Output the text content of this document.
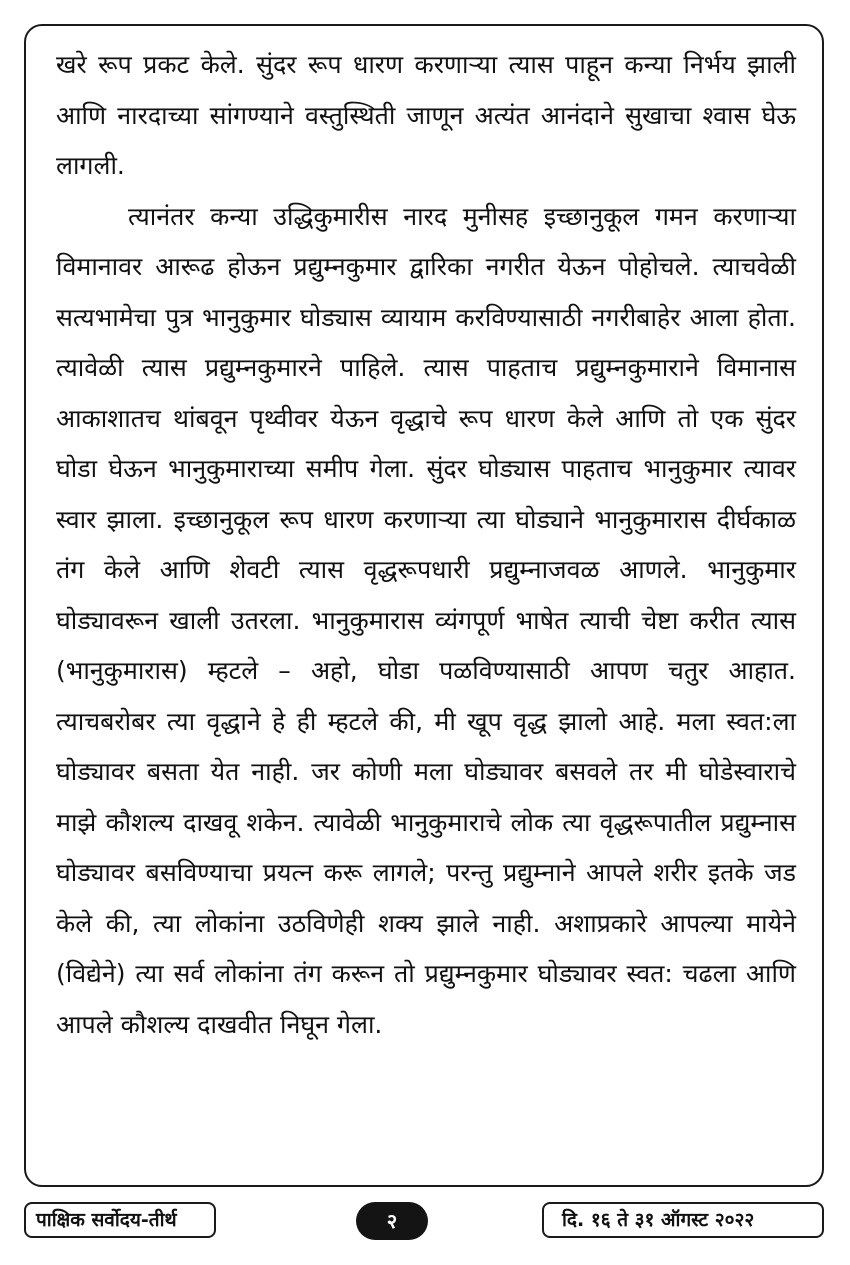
खरे रूप प्रकट केले. सुंदर रूप धारण करणाऱ्या त्यास पाहून कन्या निर्भय झाली आणि नारदाच्या सांगण्याने वस्तुस्थिती जाणून अत्यंत आनंदाने सुखाचा श्वास घेऊ लागली.

त्यानंतर कन्या उद्धिकुमारीस नारद मुनीसह इच्छानुकूल गमन करणाऱ्या विमानावर आरूढ होऊन प्रद्युम्नकुमार द्वारिका नगरीत येऊन पोहोचले. त्याचवेळी सत्यभामेचा पुत्र भानुकुमार घोड्यास व्यायाम करविण्यासाठी नगरीबाहेर आला होता. त्यावेळी त्यास प्रद्युम्नकुमारने पाहिले. त्यास पाहताच प्रद्युम्नकुमाराने विमानास आकाशातच थांबवून पृथ्वीवर येऊन वृद्धाचे रूप धारण केले आणि तो एक सुंदर घोडा घेऊन भानुकुमाराच्या समीप गेला. सुंदर घोड्यास पाहताच भानुकुमार त्यावर स्वार झाला. इच्छानुकूल रूप धारण करणाऱ्या त्या घोड्याने भानुकुमारास दीर्घकाळ तंग केले आणि शेवटी त्यास वृद्धरूपधारी प्रद्युम्नाजवळ आणले. भानुकुमार घोड्यावरून खाली उतरला. भानुकुमारास व्यंगपूर्ण भाषेत त्याची चेष्टा करीत त्यास (भानुकुमारास) म्हटले – अहो, घोडा पळविण्यासाठी आपण चतुर आहात. त्याचबरोबर त्या वृद्धाने हे ही म्हटले की, मी खूप वृद्ध झालो आहे. मला स्वत:ला घोड्यावर बसता येत नाही. जर कोणी मला घोड्यावर बसवले तर मी घोडेस्वाराचे माझे कौशल्य दाखवू शकेन. त्यावेळी भानुकुमाराचे लोक त्या वृद्धरूपातील प्रद्युम्नास घोड्यावर बसविण्याचा प्रयत्न करू लागले; परन्तु प्रद्युम्नाने आपले शरीर इतके जड केले की, त्या लोकांना उठविणेही शक्य झाले नाही. अशाप्रकारे आपल्या मायेने (विद्येने) त्या सर्व लोकांना तंग करून तो प्रद्युम्नकुमार घोड्यावर स्वत: चढला आणि आपले कौशल्य दाखवीत निघून गेला.

पाक्षिक सर्वोदय-तीर्थ	२	दि. १६ ते ३१ ऑगस्ट २०२२
